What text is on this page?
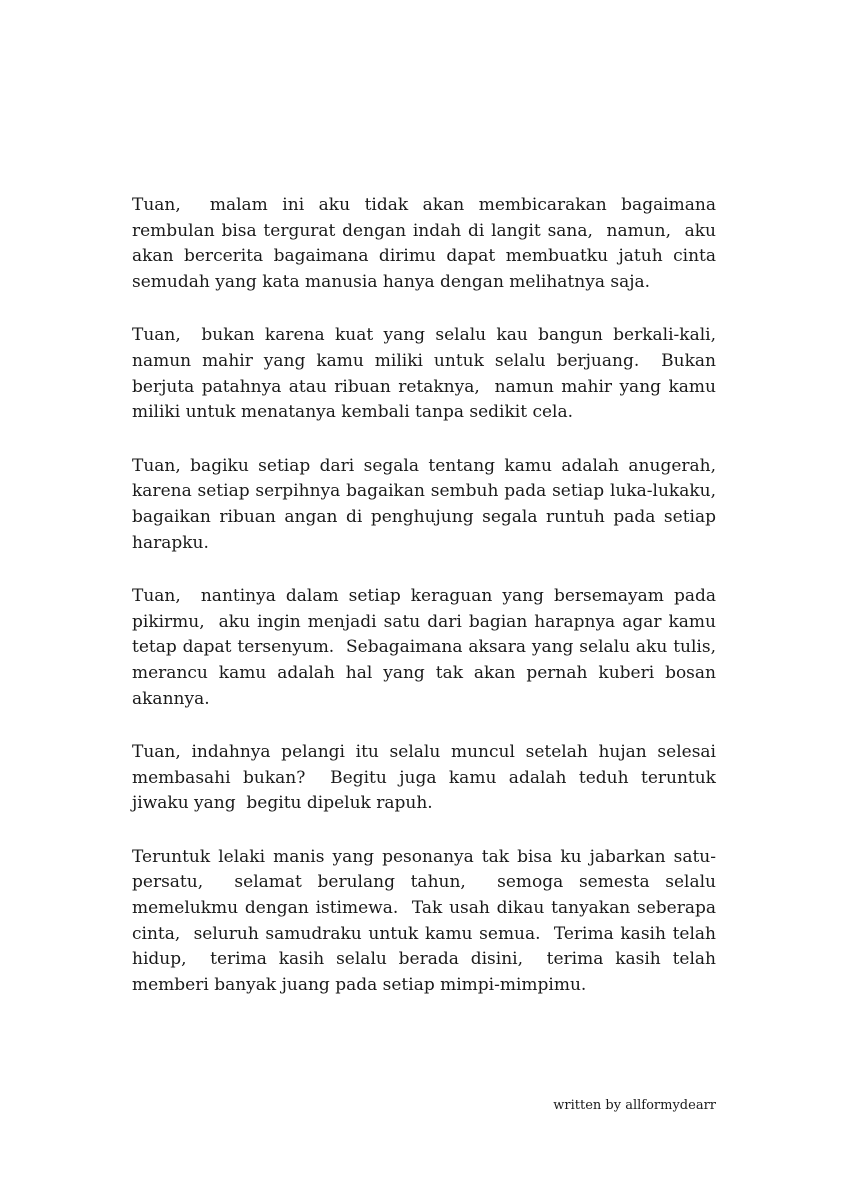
Tuan,  malam ini aku tidak akan membicarakan bagaimana rembulan bisa tergurat dengan indah di langit sana,  namun,  aku akan bercerita bagaimana dirimu dapat membuatku jatuh cinta semudah yang kata manusia hanya dengan melihatnya saja.

Tuan,  bukan karena kuat yang selalu kau bangun berkali-kali, namun mahir yang kamu miliki untuk selalu berjuang.  Bukan berjuta patahnya atau ribuan retaknya,  namun mahir yang kamu miliki untuk menatanya kembali tanpa sedikit cela.

Tuan, bagiku setiap dari segala tentang kamu adalah anugerah, karena setiap serpihnya bagaikan sembuh pada setiap luka-lukaku, bagaikan ribuan angan di penghujung segala runtuh pada setiap harapku.

Tuan,  nantinya dalam setiap keraguan yang bersemayam pada pikirmu,  aku ingin menjadi satu dari bagian harapnya agar kamu tetap dapat tersenyum.  Sebagaimana aksara yang selalu aku tulis, merancu kamu adalah hal yang tak akan pernah kuberi bosan akannya.

Tuan, indahnya pelangi itu selalu muncul setelah hujan selesai membasahi bukan?  Begitu juga kamu adalah teduh teruntuk jiwaku yang  begitu dipeluk rapuh.

Teruntuk lelaki manis yang pesonanya tak bisa ku jabarkan satu-persatu,  selamat berulang tahun,  semoga semesta selalu memelukmu dengan istimewa.  Tak usah dikau tanyakan seberapa cinta,  seluruh samudraku untuk kamu semua.  Terima kasih telah hidup,  terima kasih selalu berada disini,  terima kasih telah memberi banyak juang pada setiap mimpi-mimpimu.

written by allformydearr
